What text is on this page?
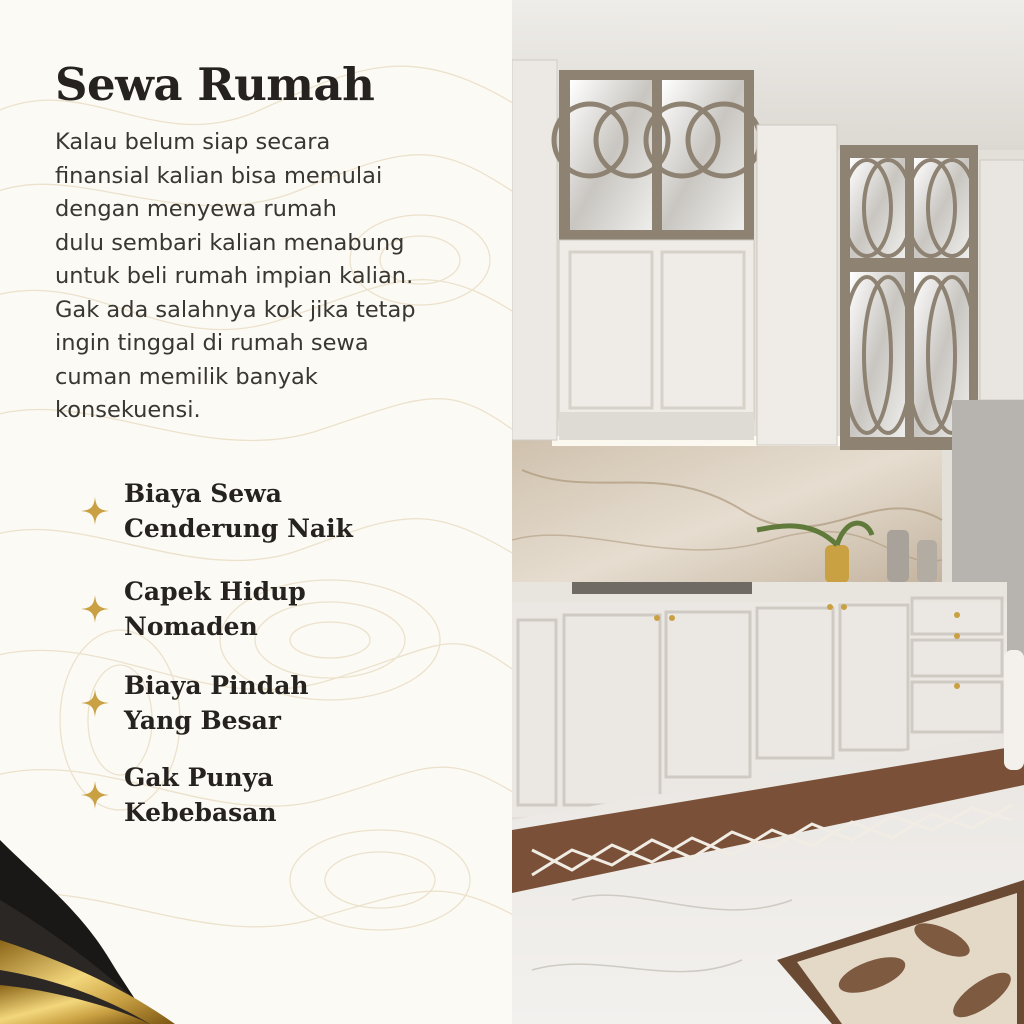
Sewa Rumah

Kalau belum siap secara
finansial kalian bisa memulai
dengan menyewa rumah
dulu sembari kalian menabung
untuk beli rumah impian kalian.
Gak ada salahnya kok jika tetap
ingin tinggal di rumah sewa
cuman memilik banyak
konsekuensi.

Biaya Sewa
Cenderung Naik
Capek Hidup
Nomaden
Biaya Pindah
Yang Besar
Gak Punya
Kebebasan
